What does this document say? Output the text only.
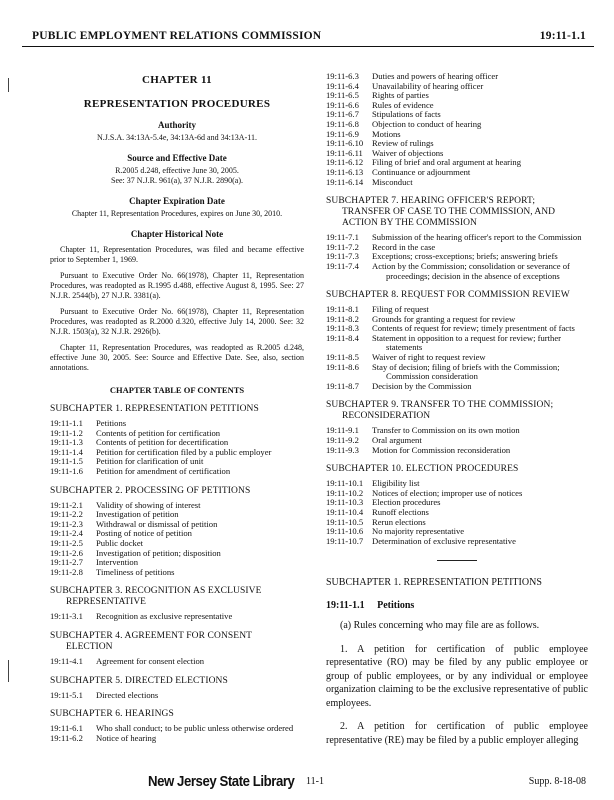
PUBLIC EMPLOYMENT RELATIONS COMMISSION	19:11-1.1
CHAPTER 11
REPRESENTATION PROCEDURES
Authority
N.J.S.A. 34:13A-5.4e, 34:13A-6d and 34:13A-11.
Source and Effective Date
R.2005 d.248, effective June 30, 2005.
See: 37 N.J.R. 961(a), 37 N.J.R. 2890(a).
Chapter Expiration Date
Chapter 11, Representation Procedures, expires on June 30, 2010.
Chapter Historical Note
Chapter 11, Representation Procedures, was filed and became effective prior to September 1, 1969.
Pursuant to Executive Order No. 66(1978), Chapter 11, Representation Procedures, was readopted as R.1995 d.488, effective August 8, 1995. See: 27 N.J.R. 2544(b), 27 N.J.R. 3381(a).
Pursuant to Executive Order No. 66(1978), Chapter 11, Representation Procedures, was readopted as R.2000 d.320, effective July 14, 2000. See: 32 N.J.R. 1503(a), 32 N.J.R. 2926(b).
Chapter 11, Representation Procedures, was readopted as R.2005 d.248, effective June 30, 2005. See: Source and Effective Date. See, also, section annotations.
CHAPTER TABLE OF CONTENTS
SUBCHAPTER 1. REPRESENTATION PETITIONS
19:11-1.1	Petitions
19:11-1.2	Contents of petition for certification
19:11-1.3	Contents of petition for decertification
19:11-1.4	Petition for certification filed by a public employer
19:11-1.5	Petition for clarification of unit
19:11-1.6	Petition for amendment of certification
SUBCHAPTER 2. PROCESSING OF PETITIONS
19:11-2.1	Validity of showing of interest
19:11-2.2	Investigation of petition
19:11-2.3	Withdrawal or dismissal of petition
19:11-2.4	Posting of notice of petition
19:11-2.5	Public docket
19:11-2.6	Investigation of petition; disposition
19:11-2.7	Intervention
19:11-2.8	Timeliness of petitions
SUBCHAPTER 3. RECOGNITION AS EXCLUSIVE
REPRESENTATIVE
19:11-3.1	Recognition as exclusive representative
SUBCHAPTER 4. AGREEMENT FOR CONSENT
ELECTION
19:11-4.1	Agreement for consent election
SUBCHAPTER 5. DIRECTED ELECTIONS
19:11-5.1	Directed elections
SUBCHAPTER 6. HEARINGS
19:11-6.1	Who shall conduct; to be public unless otherwise ordered
19:11-6.2	Notice of hearing
19:11-6.3	Duties and powers of hearing officer
19:11-6.4	Unavailability of hearing officer
19:11-6.5	Rights of parties
19:11-6.6	Rules of evidence
19:11-6.7	Stipulations of facts
19:11-6.8	Objection to conduct of hearing
19:11-6.9	Motions
19:11-6.10	Review of rulings
19:11-6.11	Waiver of objections
19:11-6.12	Filing of brief and oral argument at hearing
19:11-6.13	Continuance or adjournment
19:11-6.14	Misconduct
SUBCHAPTER 7. HEARING OFFICER'S REPORT;
TRANSFER OF CASE TO THE COMMISSION, AND
ACTION BY THE COMMISSION
19:11-7.1	Submission of the hearing officer's report to the Commission
19:11-7.2	Record in the case
19:11-7.3	Exceptions; cross-exceptions; briefs; answering briefs
19:11-7.4	Action by the Commission; consolidation or severance of proceedings; decision in the absence of exceptions
SUBCHAPTER 8. REQUEST FOR COMMISSION REVIEW
19:11-8.1	Filing of request
19:11-8.2	Grounds for granting a request for review
19:11-8.3	Contents of request for review; timely presentment of facts
19:11-8.4	Statement in opposition to a request for review; further statements
19:11-8.5	Waiver of right to request review
19:11-8.6	Stay of decision; filing of briefs with the Commission; Commission consideration
19:11-8.7	Decision by the Commission
SUBCHAPTER 9. TRANSFER TO THE COMMISSION;
RECONSIDERATION
19:11-9.1	Transfer to Commission on its own motion
19:11-9.2	Oral argument
19:11-9.3	Motion for Commission reconsideration
SUBCHAPTER 10. ELECTION PROCEDURES
19:11-10.1	Eligibility list
19:11-10.2	Notices of election; improper use of notices
19:11-10.3	Election procedures
19:11-10.4	Runoff elections
19:11-10.5	Rerun elections
19:11-10.6	No majority representative
19:11-10.7	Determination of exclusive representative
SUBCHAPTER 1. REPRESENTATION PETITIONS
19:11-1.1 Petitions
(a) Rules concerning who may file are as follows.
1. A petition for certification of public employee representative (RO) may be filed by any public employee or group of public employees, or by any individual or employee organization claiming to be the exclusive representative of public employees.
2. A petition for certification of public employee representative (RE) may be filed by a public employer alleging
New Jersey State Library 11-1	Supp. 8-18-08
